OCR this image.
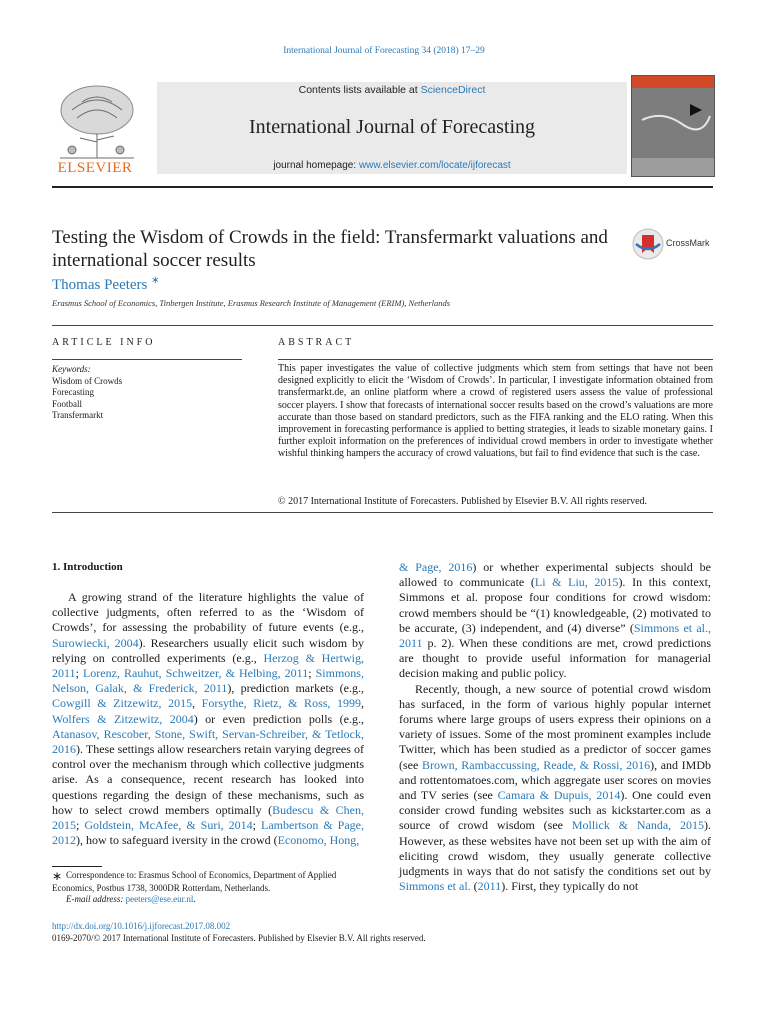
International Journal of Forecasting 34 (2018) 17–29
ELSEVIER
Contents lists available at ScienceDirect
International Journal of Forecasting
journal homepage: www.elsevier.com/locate/ijforecast
Testing the Wisdom of Crowds in the field: Transfermarkt valuations and international soccer results
CrossMark
Thomas Peeters ∗
Erasmus School of Economics, Tinbergen Institute, Erasmus Research Institute of Management (ERIM), Netherlands
ARTICLE INFO	ABSTRACT
Keywords:
Wisdom of Crowds
Forecasting
Football
Transfermarkt

This paper investigates the value of collective judgments which stem from settings that have not been designed explicitly to elicit the ‘Wisdom of Crowds’. In particular, I investigate information obtained from transfermarkt.de, an online platform where a crowd of registered users assess the value of professional soccer players. I show that forecasts of international soccer results based on the crowd’s valuations are more accurate than those based on standard predictors, such as the FIFA ranking and the ELO rating. When this improvement in forecasting performance is applied to betting strategies, it leads to sizable monetary gains. I further exploit information on the preferences of individual crowd members in order to investigate whether wishful thinking hampers the accuracy of crowd valuations, but fail to find evidence that such is the case.

© 2017 International Institute of Forecasters. Published by Elsevier B.V. All rights reserved.
1. Introduction

A growing strand of the literature highlights the value of collective judgments, often referred to as the ‘Wisdom of Crowds’, for assessing the probability of future events (e.g., Surowiecki, 2004). Researchers usually elicit such wisdom by relying on controlled experiments (e.g., Herzog & Hertwig, 2011; Lorenz, Rauhut, Schweitzer, & Helbing, 2011; Simmons, Nelson, Galak, & Frederick, 2011), prediction markets (e.g., Cowgill & Zitzewitz, 2015, Forsythe, Rietz, & Ross, 1999, Wolfers & Zitzewitz, 2004) or even prediction polls (e.g., Atanasov, Rescober, Stone, Swift, Servan-Schreiber, & Tetlock, 2016). These settings allow researchers retain varying degrees of control over the mechanism through which collective judgments arise. As a consequence, recent research has looked into questions regarding the design of these mechanisms, such as how to select crowd members optimally (Budescu & Chen, 2015; Goldstein, McAfee, & Suri, 2014; Lambertson & Page, 2012), how to safeguard iversity in the crowd (Economo, Hong,

& Page, 2016) or whether experimental subjects should be allowed to communicate (Li & Liu, 2015). In this context, Simmons et al. propose four conditions for crowd wisdom: crowd members should be “(1) knowledgeable, (2) motivated to be accurate, (3) independent, and (4) diverse” (Simmons et al., 2011 p. 2). When these conditions are met, crowd predictions are thought to provide useful information for managerial decision making and public policy.

Recently, though, a new source of potential crowd wisdom has surfaced, in the form of various highly popular internet forums where large groups of users express their opinions on a variety of issues. Some of the most prominent examples include Twitter, which has been studied as a predictor of soccer games (see Brown, Rambaccussing, Reade, & Rossi, 2016), and IMDb and rottentomatoes.com, which aggregate user scores on movies and TV series (see Camara & Dupuis, 2014). One could even consider crowd funding websites such as kickstarter.com as a source of crowd wisdom (see Mollick & Nanda, 2015). However, as these websites have not been set up with the aim of eliciting crowd wisdom, they usually generate collective judgments in ways that do not satisfy the conditions set out by Simmons et al. (2011). First, they typically do not

∗ Correspondence to: Erasmus School of Economics, Department of Applied Economics, Postbus 1738, 3000DR Rotterdam, Netherlands.
E-mail address: peeters@ese.eur.nl.
http://dx.doi.org/10.1016/j.ijforecast.2017.08.002
0169-2070/© 2017 International Institute of Forecasters. Published by Elsevier B.V. All rights reserved.
